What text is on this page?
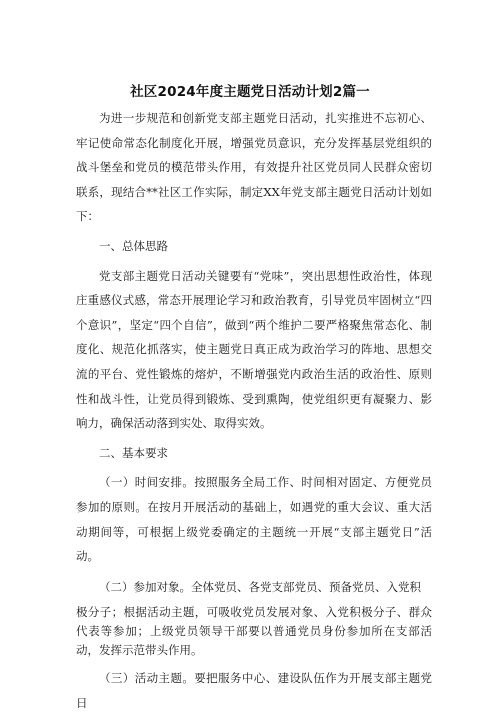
社区2024年度主题党日活动计划2篇一

为进一步规范和创新党支部主题党日活动，扎实推进不忘初心、牢记使命常态化制度化开展，增强党员意识，充分发挥基层党组织的战斗堡垒和党员的模范带头作用，有效提升社区党员同人民群众密切联系，现结合**社区工作实际，制定XX年党支部主题党日活动计划如下：

一、总体思路

党支部主题党日活动关键要有“党味”，突出思想性政治性，体现庄重感仪式感，常态开展理论学习和政治教育，引导党员牢固树立“四个意识”，坚定“四个自信”，做到“两个维护二要严格聚焦常态化、制度化、规范化抓落实，使主题党日真正成为政治学习的阵地、思想交流的平台、党性锻炼的熔炉，不断增强党内政治生活的政治性、原则性和战斗性，让党员得到锻炼、受到熏陶，使党组织更有凝聚力、影响力，确保活动落到实处、取得实效。

二、基本要求

（一）时间安排。按照服务全局工作、时间相对固定、方便党员参加的原则。在按月开展活动的基础上，如遇党的重大会议、重大活动期间等，可根据上级党委确定的主题统一开展“支部主题党日”活动。

（二）参加对象。全体党员、各党支部党员、预备党员、入党积

极分子；根据活动主题，可吸收党员发展对象、入党积极分子、群众代表等参加；上级党员领导干部要以普通党员身份参加所在支部活动，发挥示范带头作用。

（三）活动主题。要把服务中心、建设队伍作为开展支部主题党日
